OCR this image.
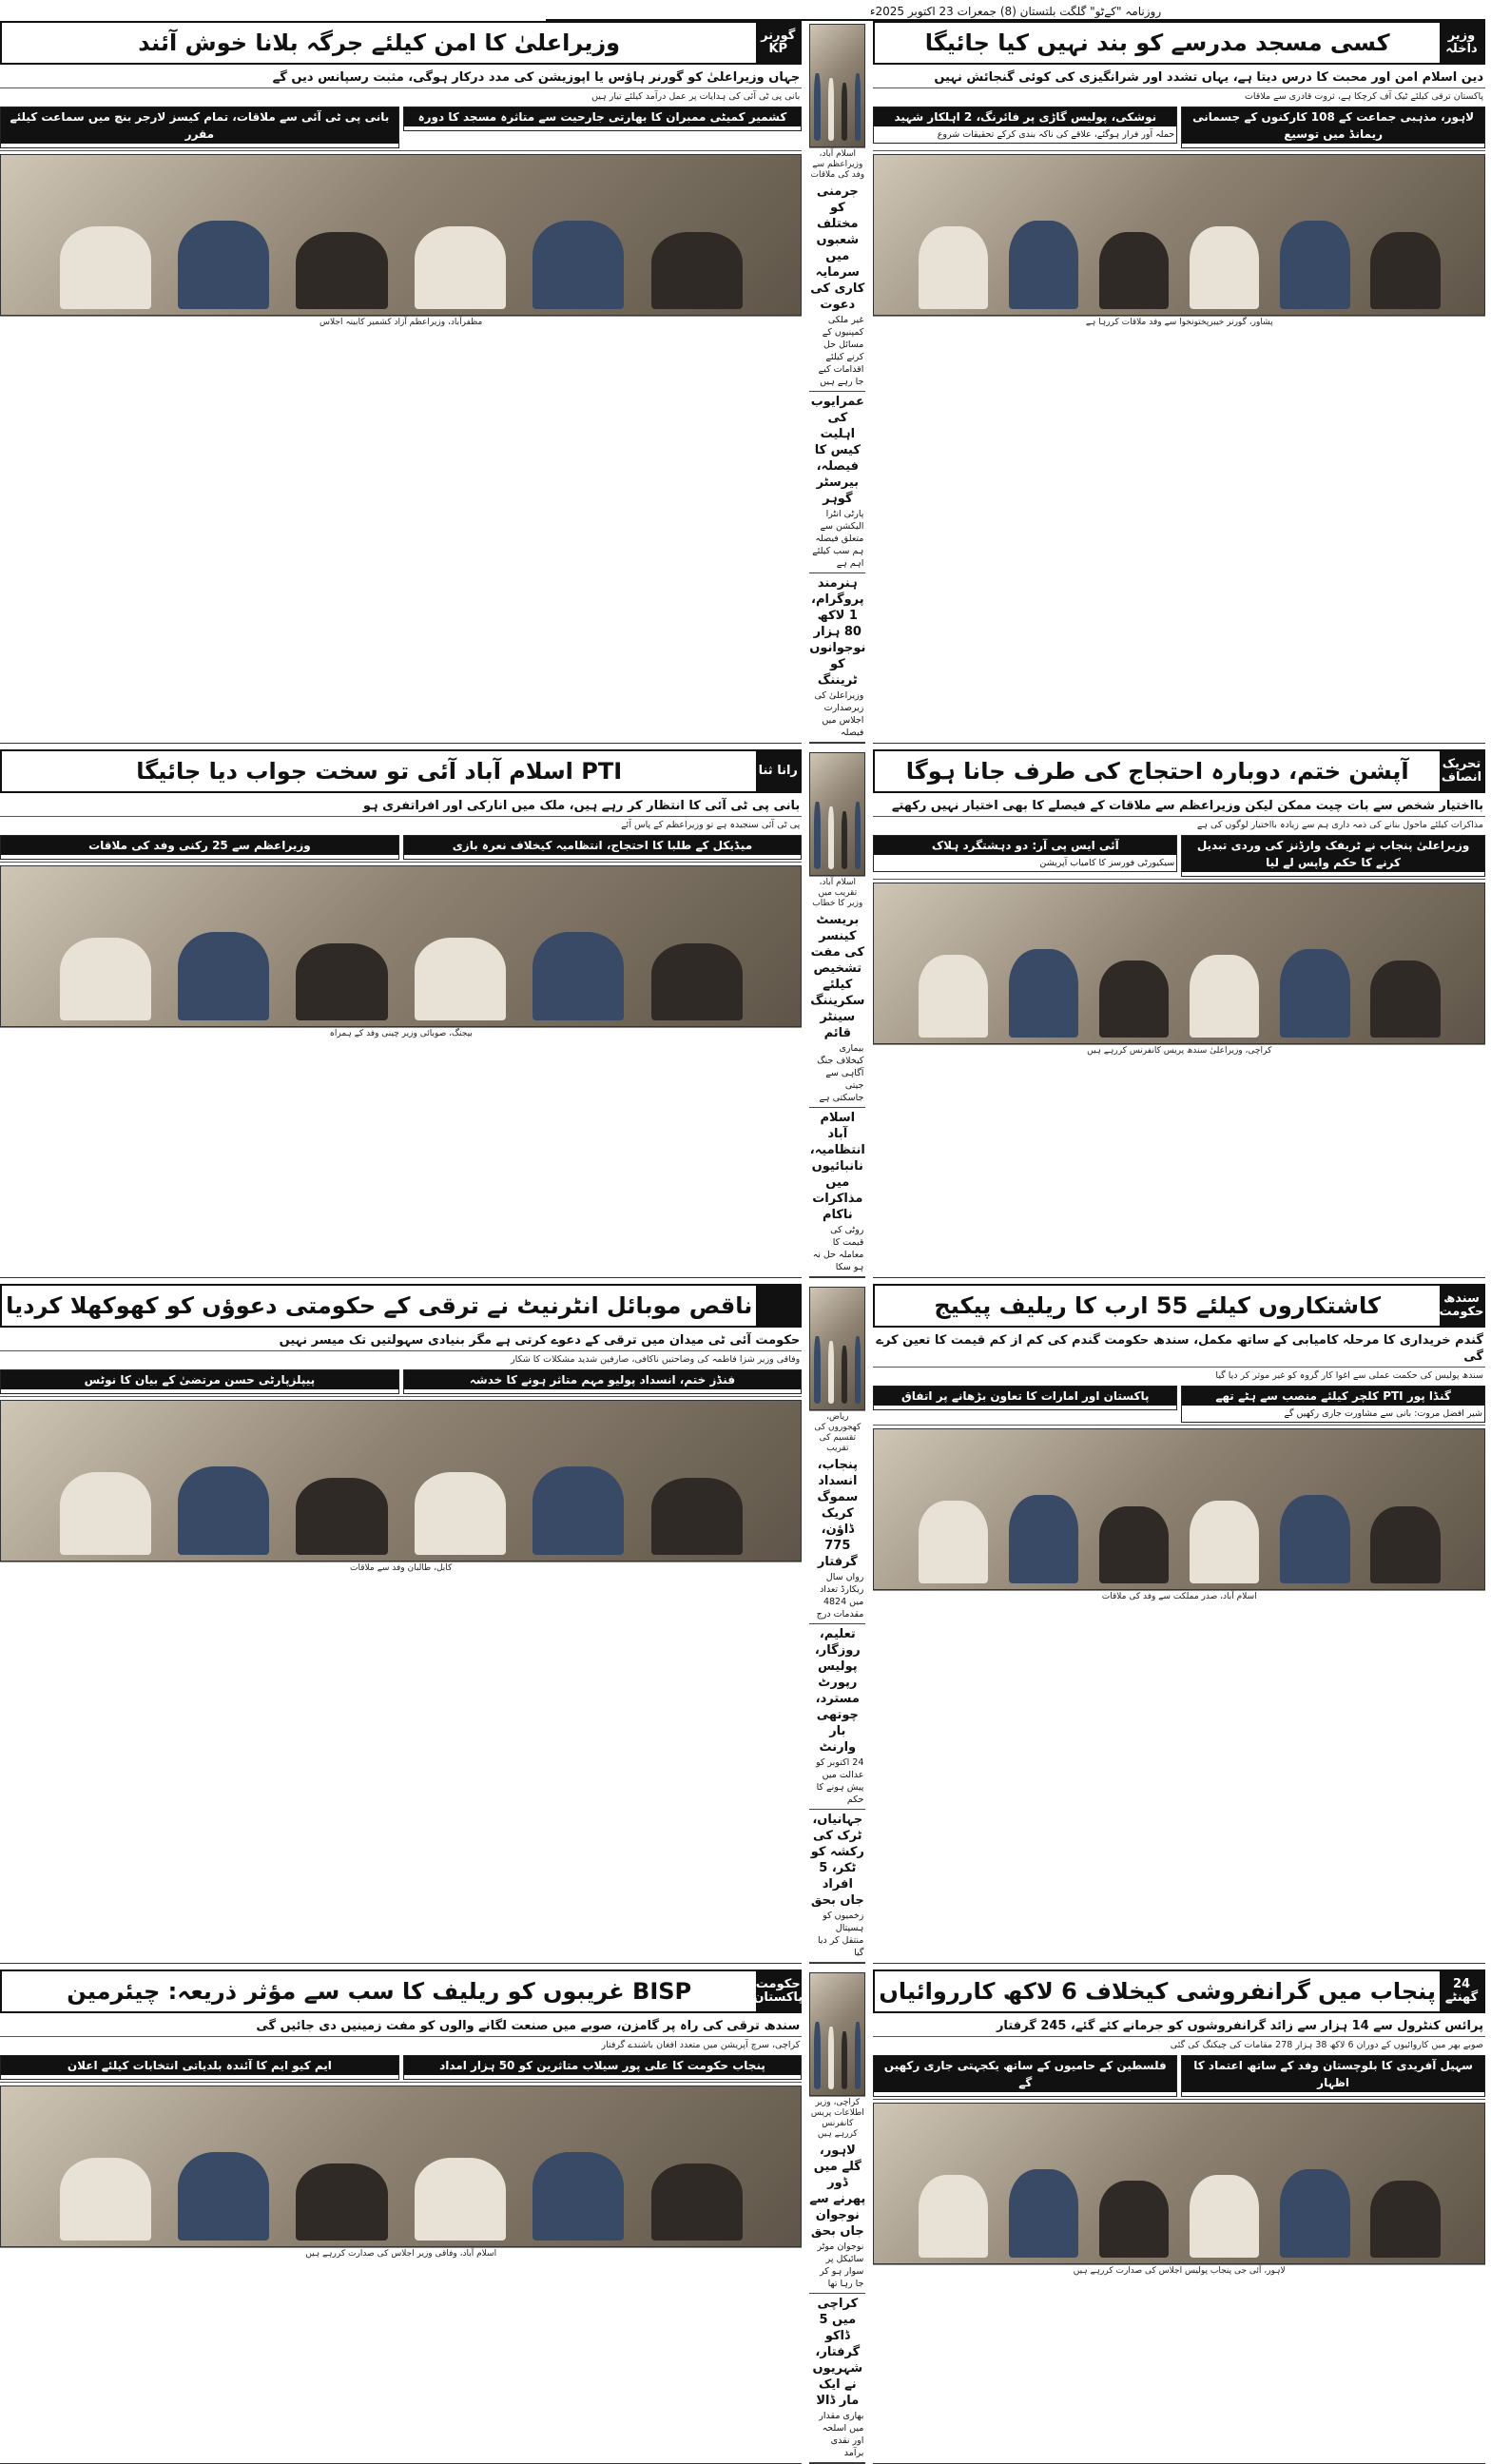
روزنامہ "کےٹو" گلگت بلتستان (8) جمعرات 23 اکتوبر 2025ء
وزیر داخلہ
کسی مسجد مدرسے کو بند نہیں کیا جائیگا
دین اسلام امن اور محبت کا درس دیتا ہے، یہاں تشدد اور شرانگیزی کی کوئی گنجائش نہیں
پاکستان ترقی کیلئے ٹیک آف کرچکا ہے، ثروت قادری سے ملاقات
لاہور، مذہبی جماعت کے 108 کارکنوں کے جسمانی ریمانڈ میں توسیع
نوشکی، پولیس گاڑی پر فائرنگ، 2 اہلکار شہید
حملہ آور فرار ہوگئے، علاقے کی ناکہ بندی کرکے تحقیقات شروع
پشاور، گورنر خیبرپختونخوا سے وفد ملاقات کررہا ہے
اسلام آباد، وزیراعظم سے وفد کی ملاقات
جرمنی کو مختلف شعبوں میں سرمایہ کاری کی دعوت
غیر ملکی کمپنیوں کے مسائل حل کرنے کیلئے اقدامات کیے جا رہے ہیں
عمرایوب کی اہلیت کیس کا فیصلہ، بیرسٹر گوہر
پارٹی انٹرا الیکشن سے متعلق فیصلہ ہم سب کیلئے اہم ہے
ہنرمند پروگرام، 1 لاکھ 80 ہزار نوجوانوں کو ٹریننگ
وزیراعلیٰ کی زیرصدارت اجلاس میں فیصلہ
گورنر KP
وزیراعلیٰ کا امن کیلئے جرگہ بلانا خوش آئند
جہاں وزیراعلیٰ کو گورنر ہاؤس یا اپوزیشن کی مدد درکار ہوگی، مثبت رسپانس دیں گے
بانی پی ٹی آئی کی ہدایات پر عمل درآمد کیلئے تیار ہیں
کشمیر کمیٹی ممبران کا بھارتی جارحیت سے متاثرہ مسجد کا دورہ
بانی پی ٹی آئی سے ملاقات، تمام کیسز لارجر بنچ میں سماعت کیلئے مقرر
مظفرآباد، وزیراعظم آزاد کشمیر کابینہ اجلاس
تحریک انصاف
آپشن ختم، دوبارہ احتجاج کی طرف جانا ہوگا
بااختیار شخص سے بات چیت ممکن لیکن وزیراعظم سے ملاقات کے فیصلے کا بھی اختیار نہیں رکھتے
مذاکرات کیلئے ماحول بنانے کی ذمہ داری ہم سے زیادہ بااختیار لوگوں کی ہے
وزیراعلیٰ پنجاب نے ٹریفک وارڈنز کی وردی تبدیل کرنے کا حکم واپس لے لیا
آئی ایس پی آر: دو دہشتگرد ہلاک
سیکیورٹی فورسز کا کامیاب آپریشن
کراچی، وزیراعلیٰ سندھ پریس کانفرنس کررہے ہیں
اسلام آباد، تقریب میں وزیر کا خطاب
بریسٹ کینسر کی مفت تشخیص کیلئے سکریننگ سینٹر قائم
بیماری کیخلاف جنگ آگاہی سے جیتی جاسکتی ہے
اسلام آباد انتظامیہ، نانبائیوں میں مذاکرات ناکام
روٹی کی قیمت کا معاملہ حل نہ ہو سکا
رانا ثنا
PTI اسلام آباد آئی تو سخت جواب دیا جائیگا
بانی پی ٹی آئی کا انتظار کر رہے ہیں، ملک میں انارکی اور افراتفری ہو
پی ٹی آئی سنجیدہ ہے تو وزیراعظم کے پاس آئے
میڈیکل کے طلبا کا احتجاج، انتظامیہ کیخلاف نعرہ بازی
وزیراعظم سے 25 رکنی وفد کی ملاقات
بیجنگ، صوبائی وزیر چینی وفد کے ہمراہ
سندھ حکومت
کاشتکاروں کیلئے 55 ارب کا ریلیف پیکیج
گندم خریداری کا مرحلہ کامیابی کے ساتھ مکمل، سندھ حکومت گندم کی کم از کم قیمت کا تعین کرے گی
سندھ پولیس کی حکمت عملی سے اغوا کار گروہ کو غیر موثر کر دیا گیا
گنڈا پور PTI کلچر کیلئے منصب سے ہٹے تھے
شیر افضل مروت: بانی سے مشاورت جاری رکھیں گے
پاکستان اور امارات کا تعاون بڑھانے پر اتفاق
اسلام آباد، صدر مملکت سے وفد کی ملاقات
ریاض، کھجوروں کی تقسیم کی تقریب
پنجاب، انسداد سموگ کریک ڈاؤن، 775 گرفتار
رواں سال ریکارڈ تعداد میں 4824 مقدمات درج
تعلیم، روزگار، پولیس رپورٹ مسترد، چوتھی بار وارنٹ
24 اکتوبر کو عدالت میں پیش ہونے کا حکم
جہانیاں، ٹرک کی رکشہ کو ٹکر، 5 افراد جاں بحق
زخمیوں کو ہسپتال منتقل کر دیا گیا
ناقص موبائل انٹرنیٹ نے ترقی کے حکومتی دعوؤں کو کھوکھلا کردیا
حکومت آئی ٹی میدان میں ترقی کے دعوے کرتی ہے مگر بنیادی سہولتیں تک میسر نہیں
وفاقی وزیر شزا فاطمہ کی وضاحتیں ناکافی، صارفین شدید مشکلات کا شکار
فنڈز ختم، انسداد پولیو مہم متاثر ہونے کا خدشہ
پیپلزپارٹی حسن مرتضیٰ کے بیان کا نوٹس
کابل، طالبان وفد سے ملاقات
24 گھنٹے
پنجاب میں گرانفروشی کیخلاف 6 لاکھ کارروائیاں
پرائس کنٹرول سے 14 ہزار سے زائد گرانفروشوں کو جرمانے کئے گئے، 245 گرفتار
صوبے بھر میں کاروائیوں کے دوران 6 لاکھ 38 ہزار 278 مقامات کی چیکنگ کی گئی
سہیل آفریدی کا بلوچستان وفد کے ساتھ اعتماد کا اظہار
فلسطین کے حامیوں کے ساتھ یکجہتی جاری رکھیں گے
لاہور، آئی جی پنجاب پولیس اجلاس کی صدارت کررہے ہیں
کراچی، وزیر اطلاعات پریس کانفرنس کررہے ہیں
لاہور، گلے میں ڈور پھرنے سے نوجوان جاں بحق
نوجوان موٹر سائیکل پر سوار ہو کر جا رہا تھا
کراچی میں 5 ڈاکو گرفتار، شہریوں نے ایک مار ڈالا
بھاری مقدار میں اسلحہ اور نقدی برآمد
حکومت پاکستان
BISP غریبوں کو ریلیف کا سب سے مؤثر ذریعہ: چیئرمین
سندھ ترقی کی راہ پر گامزن، صوبے میں صنعت لگانے والوں کو مفت زمینیں دی جائیں گی
کراچی، سرچ آپریشن میں متعدد افغان باشندے گرفتار
پنجاب حکومت کا علی پور سیلاب متاثرین کو 50 ہزار امداد
ایم کیو ایم کا آئندہ بلدیاتی انتخابات کیلئے اعلان
اسلام آباد، وفاقی وزیر اجلاس کی صدارت کررہے ہیں
